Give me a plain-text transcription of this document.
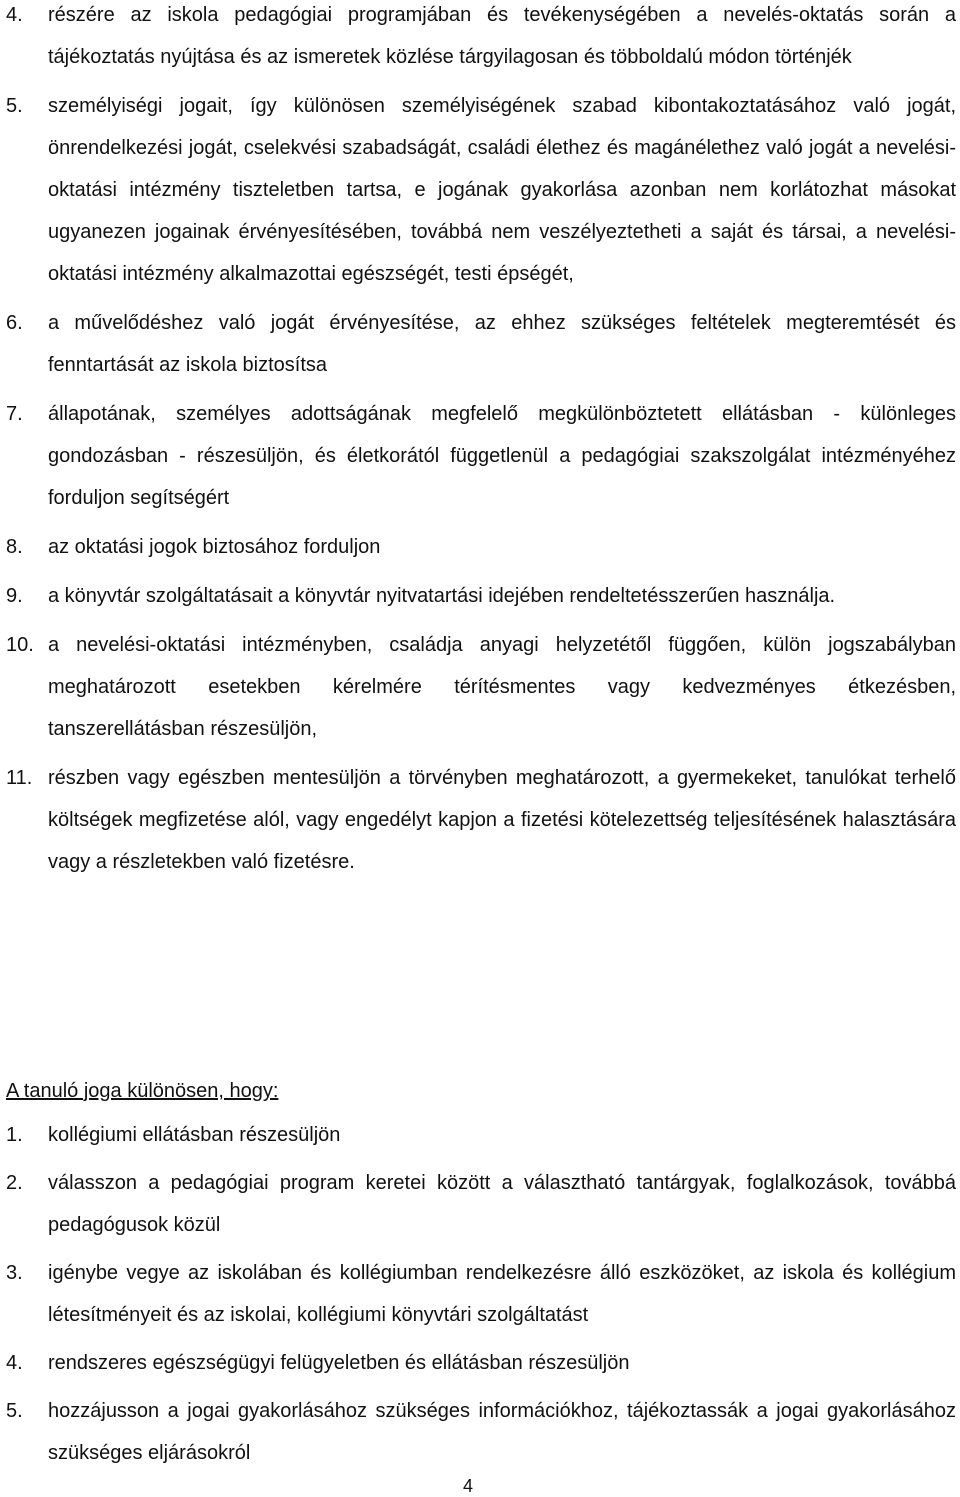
4. részére az iskola pedagógiai programjában és tevékenységében a nevelés-oktatás során a tájékoztatás nyújtása és az ismeretek közlése tárgyilagosan és többoldalú módon történjék
5. személyiségi jogait, így különösen személyiségének szabad kibontakoztatásához való jogát, önrendelkezési jogát, cselekvési szabadságát, családi élethez és magánélethez való jogát a nevelési-oktatási intézmény tiszteletben tartsa, e jogának gyakorlása azonban nem korlátozhat másokat ugyanezen jogainak érvényesítésében, továbbá nem veszélyeztetheti a saját és társai, a nevelési-oktatási intézmény alkalmazottai egészségét, testi épségét,
6. a művelődéshez való jogát érvényesítése, az ehhez szükséges feltételek megteremtését és fenntartását az iskola biztosítsa
7. állapotának, személyes adottságának megfelelő megkülönböztetett ellátásban - különleges gondozásban - részesüljön, és életkorától függetlenül a pedagógiai szakszolgálat intézményéhez forduljon segítségért
8. az oktatási jogok biztosához forduljon
9. a könyvtár szolgáltatásait a könyvtár nyitvatartási idejében rendeltetésszerűen használja.
10. a nevelési-oktatási intézményben, családja anyagi helyzetétől függően, külön jogszabályban meghatározott esetekben kérelmére térítésmentes vagy kedvezményes étkezésben, tanszerellátásban részesüljön,
11. részben vagy egészben mentesüljön a törvényben meghatározott, a gyermekeket, tanulókat terhelő költségek megfizetése alól, vagy engedélyt kapjon a fizetési kötelezettség teljesítésének halasztására vagy a részletekben való fizetésre.
A tanuló joga különösen, hogy:
1. kollégiumi ellátásban részesüljön
2. válasszon a pedagógiai program keretei között a választható tantárgyak, foglalkozások, továbbá pedagógusok közül
3. igénybe vegye az iskolában és kollégiumban rendelkezésre álló eszközöket, az iskola és kollégium létesítményeit és az iskolai, kollégiumi könyvtári szolgáltatást
4. rendszeres egészségügyi felügyeletben és ellátásban részesüljön
5. hozzájusson a jogai gyakorlásához szükséges információkhoz, tájékoztassák a jogai gyakorlásához szükséges eljárásokról
4
